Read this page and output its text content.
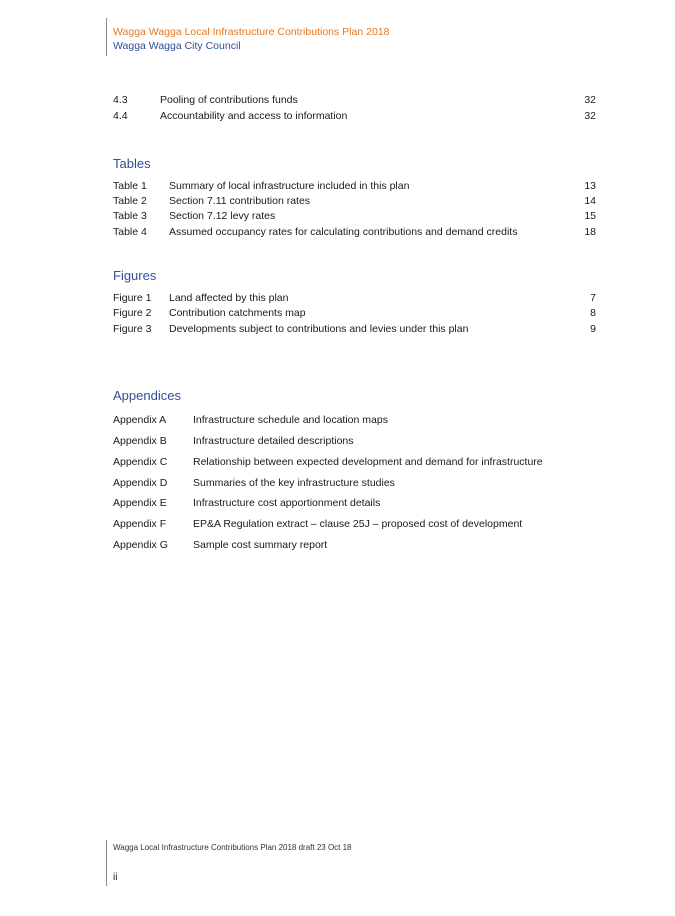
Wagga Wagga Local Infrastructure Contributions Plan 2018
Wagga Wagga City Council
4.3	Pooling of contributions funds	32
4.4	Accountability and access to information	32
Tables
Table 1 Summary of local infrastructure included in this plan	13
Table 2 Section 7.11 contribution rates	14
Table 3 Section 7.12 levy rates	15
Table 4 Assumed occupancy rates for calculating contributions and demand credits	18
Figures
Figure 1 Land affected by this plan	7
Figure 2 Contribution catchments map	8
Figure 3 Developments subject to contributions and levies under this plan	9
Appendices
Appendix A	Infrastructure schedule and location maps
Appendix B	Infrastructure detailed descriptions
Appendix C Relationship between expected development and demand for infrastructure
Appendix D Summaries of the key infrastructure studies
Appendix E	Infrastructure cost apportionment details
Appendix F	EP&A Regulation extract – clause 25J – proposed cost of development
Appendix G Sample cost summary report
Wagga Local Infrastructure Contributions Plan 2018 draft 23 Oct 18
ii
